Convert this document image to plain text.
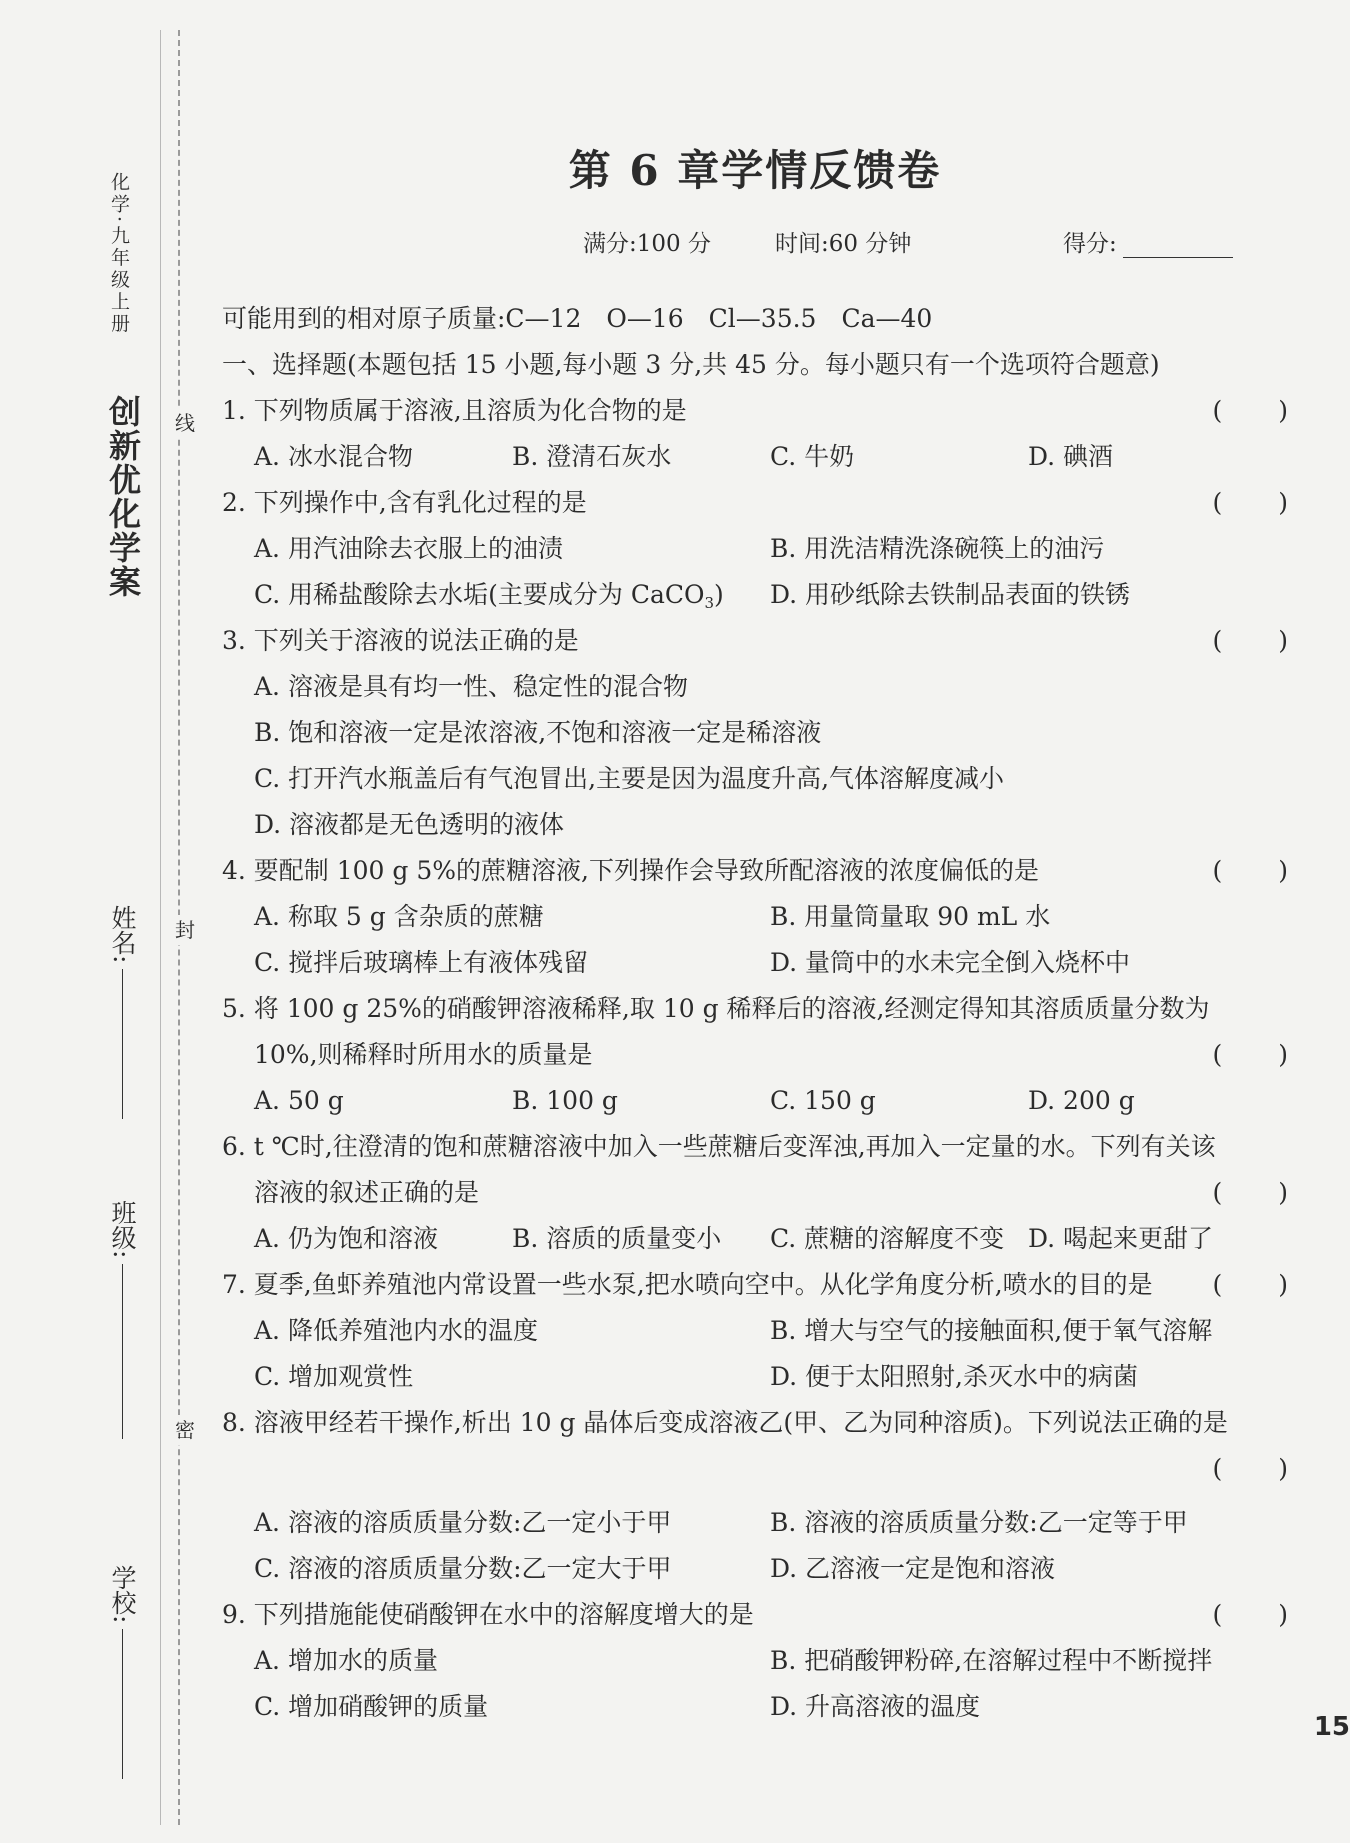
线
封
密
化学·九年级上册
创新优化学案
姓名:
班级:
学校:
第 6 章学情反馈卷
满分:100 分	时间:60 分钟	得分:
可能用到的相对原子质量:C—12　O—16　Cl—35.5　Ca—40
一、选择题(本题包括 15 小题,每小题 3 分,共 45 分。每小题只有一个选项符合题意)
1. 下列物质属于溶液,且溶质为化合物的是	(　　)
A. 冰水混合物	B. 澄清石灰水	C. 牛奶	D. 碘酒
2. 下列操作中,含有乳化过程的是	(　　)
A. 用汽油除去衣服上的油渍	B. 用洗洁精洗涤碗筷上的油污
C. 用稀盐酸除去水垢(主要成分为 CaCO$_3$) D. 用砂纸除去铁制品表面的铁锈
3. 下列关于溶液的说法正确的是	(　　)
A. 溶液是具有均一性、稳定性的混合物
B. 饱和溶液一定是浓溶液,不饱和溶液一定是稀溶液
C. 打开汽水瓶盖后有气泡冒出,主要是因为温度升高,气体溶解度减小
D. 溶液都是无色透明的液体
4. 要配制 100 g 5%的蔗糖溶液,下列操作会导致所配溶液的浓度偏低的是	(　　)
A. 称取 5 g 含杂质的蔗糖	B. 用量筒量取 90 mL 水
C. 搅拌后玻璃棒上有液体残留	D. 量筒中的水未完全倒入烧杯中
5. 将 100 g 25%的硝酸钾溶液稀释,取 10 g 稀释后的溶液,经测定得知其溶质质量分数为
10%,则稀释时所用水的质量是	(　　)
A. 50 g	B. 100 g	C. 150 g	D. 200 g
6. t ℃时,往澄清的饱和蔗糖溶液中加入一些蔗糖后变浑浊,再加入一定量的水。下列有关该
溶液的叙述正确的是	(　　)
A. 仍为饱和溶液	B. 溶质的质量变小 C. 蔗糖的溶解度不变 D. 喝起来更甜了
7. 夏季,鱼虾养殖池内常设置一些水泵,把水喷向空中。从化学角度分析,喷水的目的是 (　　)
A. 降低养殖池内水的温度	B. 增大与空气的接触面积,便于氧气溶解
C. 增加观赏性	D. 便于太阳照射,杀灭水中的病菌
8. 溶液甲经若干操作,析出 10 g 晶体后变成溶液乙(甲、乙为同种溶质)。下列说法正确的是
(　　)
A. 溶液的溶质质量分数:乙一定小于甲	B. 溶液的溶质质量分数:乙一定等于甲
C. 溶液的溶质质量分数:乙一定大于甲	D. 乙溶液一定是饱和溶液
9. 下列措施能使硝酸钾在水中的溶解度增大的是	(　　)
A. 增加水的质量	B. 把硝酸钾粉碎,在溶解过程中不断搅拌
C. 增加硝酸钾的质量	D. 升高溶液的温度
15
